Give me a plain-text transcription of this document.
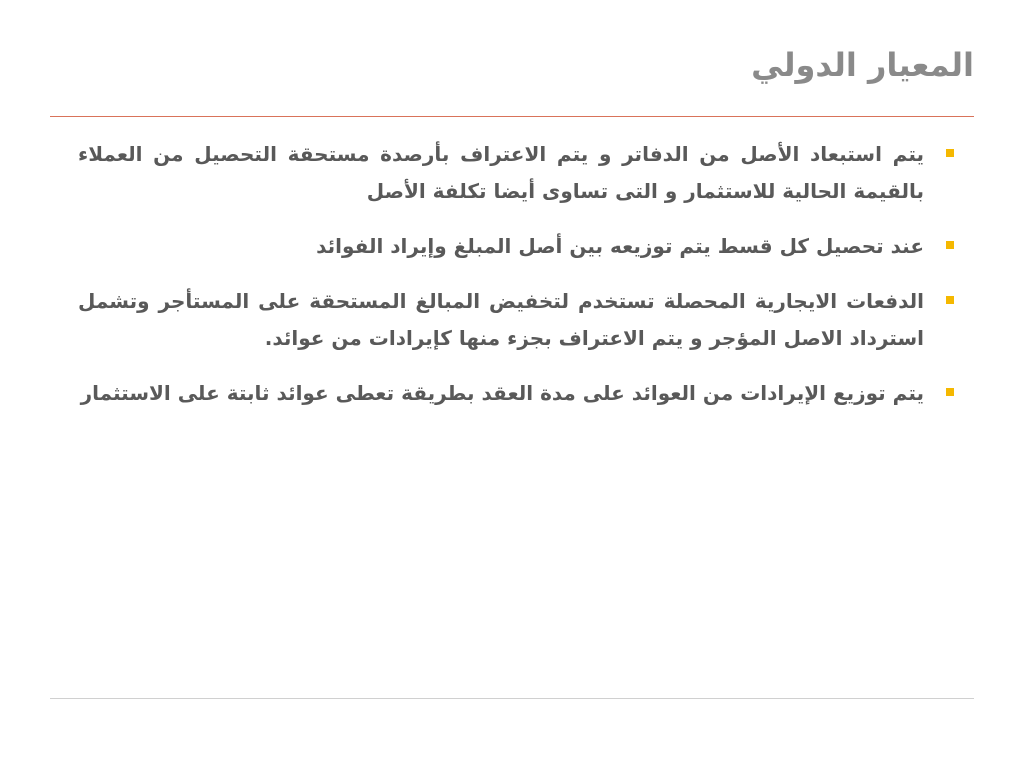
المعيار الدولي
يتم استبعاد الأصل من الدفاتر و يتم الاعتراف بأرصدة مستحقة التحصيل من العملاء بالقيمة الحالية للاستثمار و التى تساوى أيضا تكلفة الأصل
عند تحصيل كل قسط يتم توزيعه بين أصل المبلغ وإيراد الفوائد
الدفعات الايجارية المحصلة تستخدم لتخفيض المبالغ المستحقة على المستأجر وتشمل استرداد الاصل المؤجر و يتم الاعتراف بجزء منها كإيرادات من عوائد.
يتم توزيع الإيرادات من العوائد على مدة العقد بطريقة تعطى عوائد ثابتة على الاستثمار
